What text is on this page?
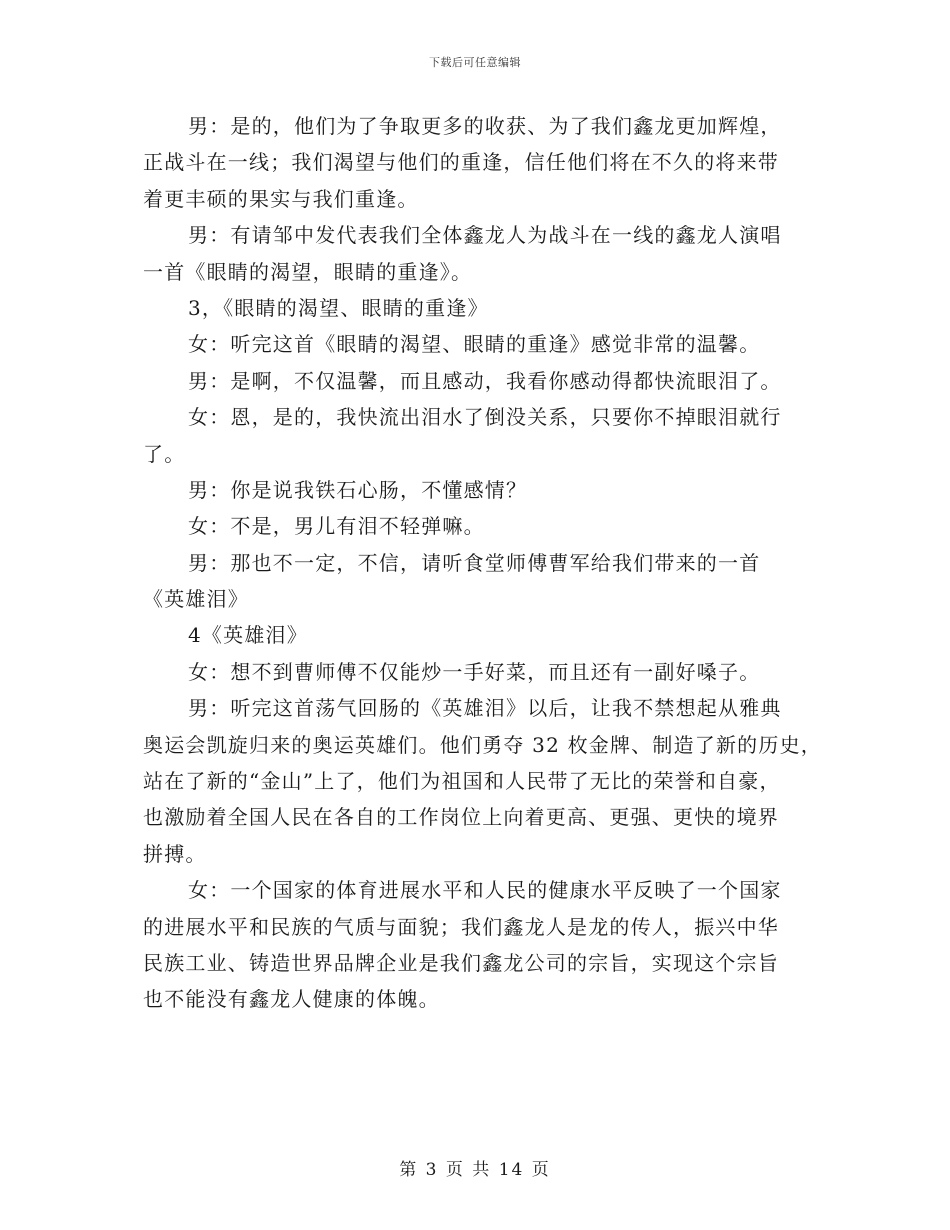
下载后可任意编辑
男：是的，他们为了争取更多的收获、为了我们鑫龙更加辉煌，
正战斗在一线；我们渴望与他们的重逢，信任他们将在不久的将来带
着更丰硕的果实与我们重逢。
男：有请邹中发代表我们全体鑫龙人为战斗在一线的鑫龙人演唱
一首《眼睛的渴望，眼睛的重逢》。
3，《眼睛的渴望、眼睛的重逢》
女：听完这首《眼睛的渴望、眼睛的重逢》感觉非常的温馨。
男：是啊，不仅温馨，而且感动，我看你感动得都快流眼泪了。
女：恩，是的，我快流出泪水了倒没关系，只要你不掉眼泪就行
了。
男：你是说我铁石心肠，不懂感情？
女：不是，男儿有泪不轻弹嘛。
男：那也不一定，不信，请听食堂师傅曹军给我们带来的一首
《英雄泪》
4《英雄泪》
女：想不到曹师傅不仅能炒一手好菜，而且还有一副好嗓子。
男：听完这首荡气回肠的《英雄泪》以后，让我不禁想起从雅典
奥运会凯旋归来的奥运英雄们。他们勇夺 32 枚金牌、制造了新的历史，
站在了新的“金山”上了，他们为祖国和人民带了无比的荣誉和自豪，
也激励着全国人民在各自的工作岗位上向着更高、更强、更快的境界
拼搏。
女：一个国家的体育进展水平和人民的健康水平反映了一个国家
的进展水平和民族的气质与面貌；我们鑫龙人是龙的传人，振兴中华
民族工业、铸造世界品牌企业是我们鑫龙公司的宗旨，实现这个宗旨
也不能没有鑫龙人健康的体魄。
第 3 页 共 14 页
